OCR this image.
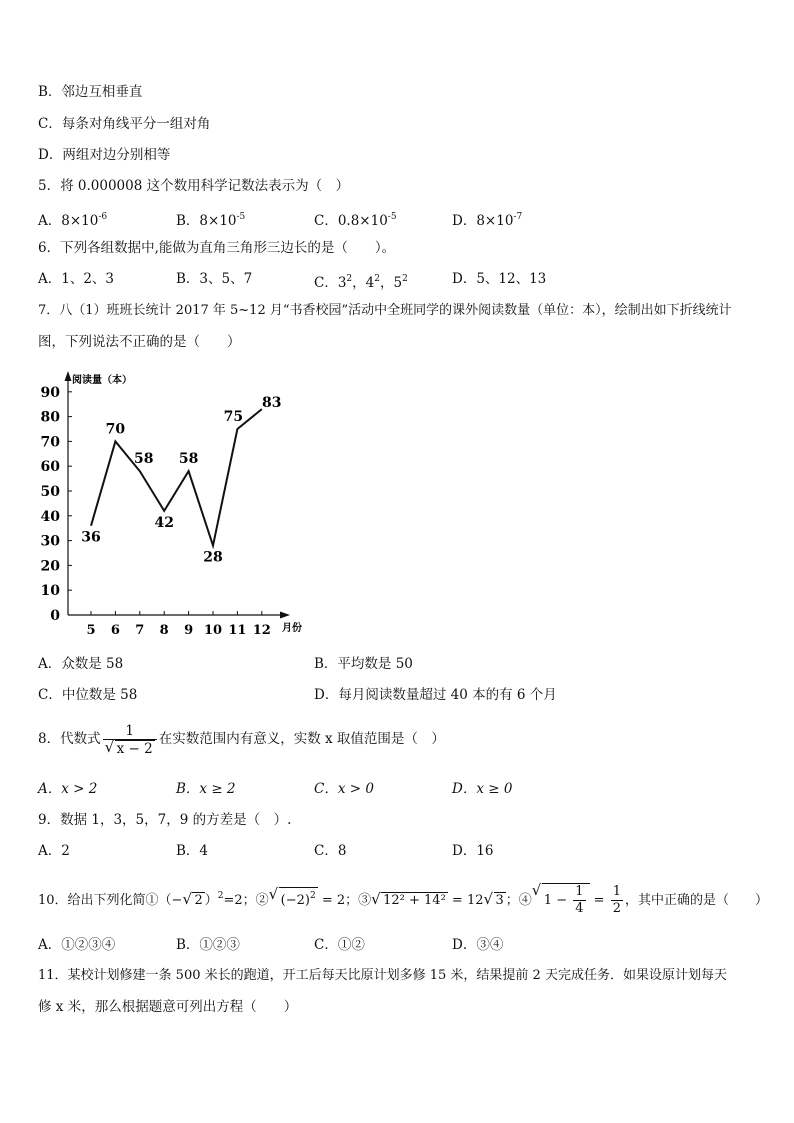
B．邻边互相垂直
C．每条对角线平分一组对角
D．两组对边分别相等
5．将 0.000008 这个数用科学记数法表示为（　）
A．$8\times 10^{-6}$	B．$8\times 10^{-5}$	C．$0.8\times 10^{-5}$	D．$8\times 10^{-7}$
6．下列各组数据中,能做为直角三角形三边长的是（　　）。
A．1、2、3	B．3、5、7	C．$3^2$，$4^2$，$5^2$	D．5、12、13
7．八（1）班班长统计 2017 年 5~12 月“书香校园”活动中全班同学的课外阅读数量（单位：本），绘制出如下折线统计
图，下列说法不正确的是（　　）
阅读量（本）
月份
0
10
20
30
40
50
60
70
80
90
5 6 7 8 9 10 11 12
36
70
58
42
58
28
75
83
A．众数是 58	B．平均数是 50
C．中位数是 58	D．每月阅读数量超过 40 本的有 6 个月
8．代数式 1
√ x − 2 在实数范围内有意义，实数 x 取值范围是（　）
A．x > 2	B．x ≥ 2	C．x > 0	D．x ≥ 0
9．数据 1，3，5，7，9 的方差是（　）.
A．2	B．4	C．8	D．16
10．给出下列化简①（− √ 2 ）$^2$=2；② √ $(-2)^2 = 2$；③ √ 12² + 14² = 12 √ 3 ；④ √ $1 - \frac{1}{4} = \frac{1}{2}$ ，其中正确的是（　　）
A．①②③④	B．①②③	C．①②	D．③④
11．某校计划修建一条 500 米长的跑道，开工后每天比原计划多修 15 米，结果提前 2 天完成任务．如果设原计划每天
修 x 米，那么根据题意可列出方程（　　）
